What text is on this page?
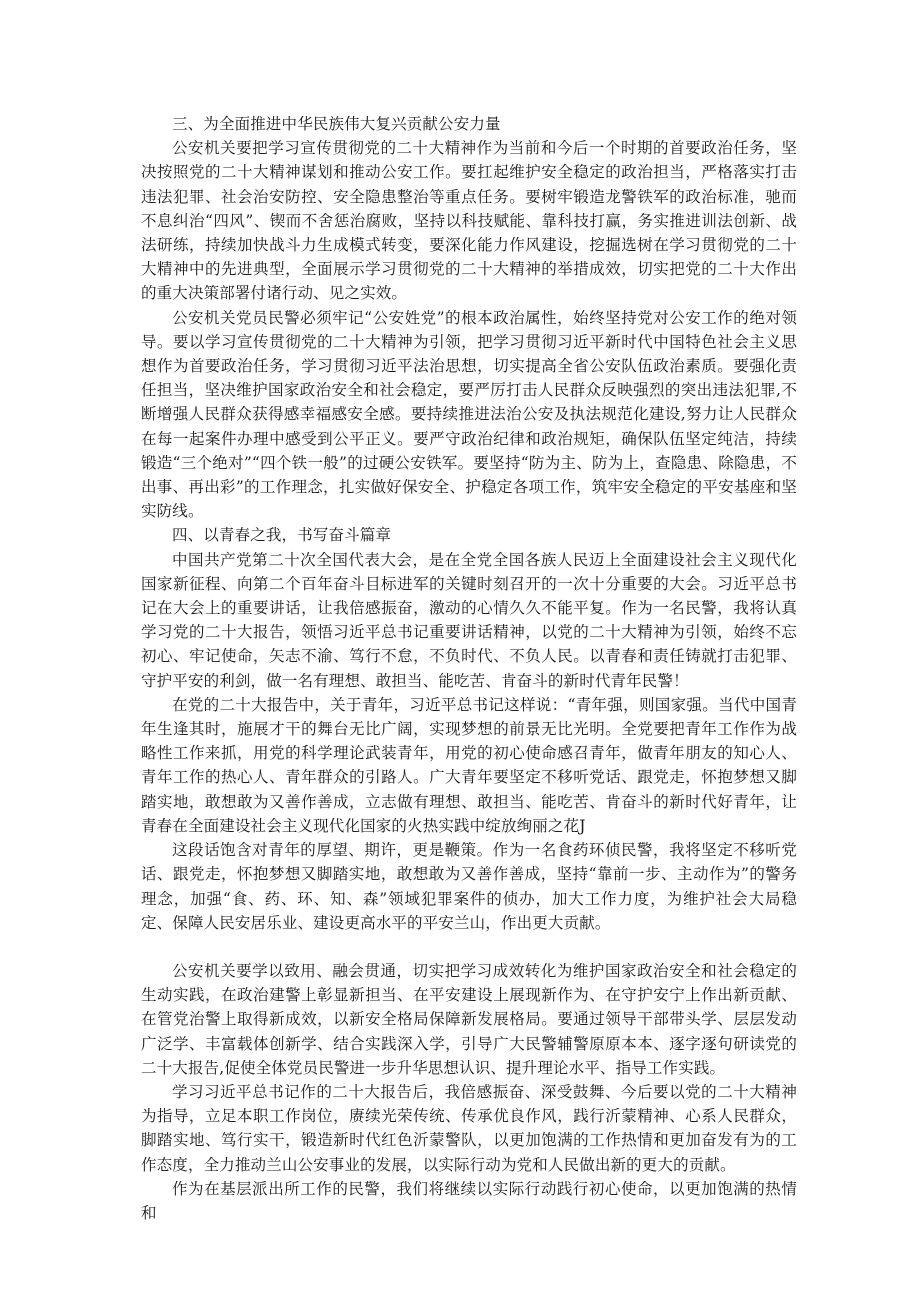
三、为全面推进中华民族伟大复兴贡献公安力量

公安机关要把学习宣传贯彻党的二十大精神作为当前和今后一个时期的首要政治任务，坚决按照党的二十大精神谋划和推动公安工作。要扛起维护安全稳定的政治担当，严格落实打击违法犯罪、社会治安防控、安全隐患整治等重点任务。要树牢锻造龙警铁军的政治标准，驰而不息纠治“四风”、锲而不舍惩治腐败，坚持以科技赋能、靠科技打赢，务实推进训法创新、战法研练，持续加快战斗力生成模式转变，要深化能力作风建设，挖掘选树在学习贯彻党的二十大精神中的先进典型，全面展示学习贯彻党的二十大精神的举措成效，切实把党的二十大作出的重大决策部署付诸行动、见之实效。

公安机关党员民警必须牢记“公安姓党”的根本政治属性，始终坚持党对公安工作的绝对领导。要以学习宣传贯彻党的二十大精神为引领，把学习贯彻习近平新时代中国特色社会主义思想作为首要政治任务，学习贯彻习近平法治思想，切实提高全省公安队伍政治素质。要强化责任担当，坚决维护国家政治安全和社会稳定，要严厉打击人民群众反映强烈的突出违法犯罪,不断增强人民群众获得感幸福感安全感。要持续推进法治公安及执法规范化建设,努力让人民群众在每一起案件办理中感受到公平正义。要严守政治纪律和政治规矩，确保队伍坚定纯洁，持续锻造“三个绝对”“四个铁一般”的过硬公安铁军。要坚持“防为主、防为上，查隐患、除隐患，不出事、再出彩”的工作理念，扎实做好保安全、护稳定各项工作，筑牢安全稳定的平安基座和坚实防线。

四、以青春之我，书写奋斗篇章

中国共产党第二十次全国代表大会，是在全党全国各族人民迈上全面建设社会主义现代化国家新征程、向第二个百年奋斗目标进军的关键时刻召开的一次十分重要的大会。习近平总书记在大会上的重要讲话，让我倍感振奋，激动的心情久久不能平复。作为一名民警，我将认真学习党的二十大报告，领悟习近平总书记重要讲话精神，以党的二十大精神为引领，始终不忘初心、牢记使命，矢志不渝、笃行不怠，不负时代、不负人民。以青春和责任铸就打击犯罪、守护平安的利剑，做一名有理想、敢担当、能吃苦、肯奋斗的新时代青年民警！

在党的二十大报告中，关于青年，习近平总书记这样说：“青年强，则国家强。当代中国青年生逢其时，施展才干的舞台无比广阔，实现梦想的前景无比光明。全党要把青年工作作为战略性工作来抓，用党的科学理论武装青年，用党的初心使命感召青年，做青年朋友的知心人、青年工作的热心人、青年群众的引路人。广大青年要坚定不移听党话、跟党走，怀抱梦想又脚踏实地，敢想敢为又善作善成，立志做有理想、敢担当、能吃苦、肯奋斗的新时代好青年，让青春在全面建设社会主义现代化国家的火热实践中绽放绚丽之花J

这段话饱含对青年的厚望、期许，更是鞭策。作为一名食药环侦民警，我将坚定不移听党话、跟党走，怀抱梦想又脚踏实地，敢想敢为又善作善成，坚持“靠前一步、主动作为”的警务理念，加强“食、药、环、知、森”领域犯罪案件的侦办，加大工作力度，为维护社会大局稳定、保障人民安居乐业、建设更高水平的平安兰山，作出更大贡献。

公安机关要学以致用、融会贯通，切实把学习成效转化为维护国家政治安全和社会稳定的生动实践，在政治建警上彰显新担当、在平安建设上展现新作为、在守护安宁上作出新贡献、在管党治警上取得新成效，以新安全格局保障新发展格局。要通过领导干部带头学、层层发动广泛学、丰富载体创新学、结合实践深入学，引导广大民警辅警原原本本、逐字逐句研读党的二十大报告,促使全体党员民警进一步升华思想认识、提升理论水平、指导工作实践。

学习习近平总书记作的二十大报告后，我倍感振奋、深受鼓舞、今后要以党的二十大精神为指导，立足本职工作岗位，赓续光荣传统、传承优良作风，践行沂蒙精神、心系人民群众，脚踏实地、笃行实干，锻造新时代红色沂蒙警队，以更加饱满的工作热情和更加奋发有为的工作态度，全力推动兰山公安事业的发展，以实际行动为党和人民做出新的更大的贡献。

作为在基层派出所工作的民警，我们将继续以实际行动践行初心使命，以更加饱满的热情和
